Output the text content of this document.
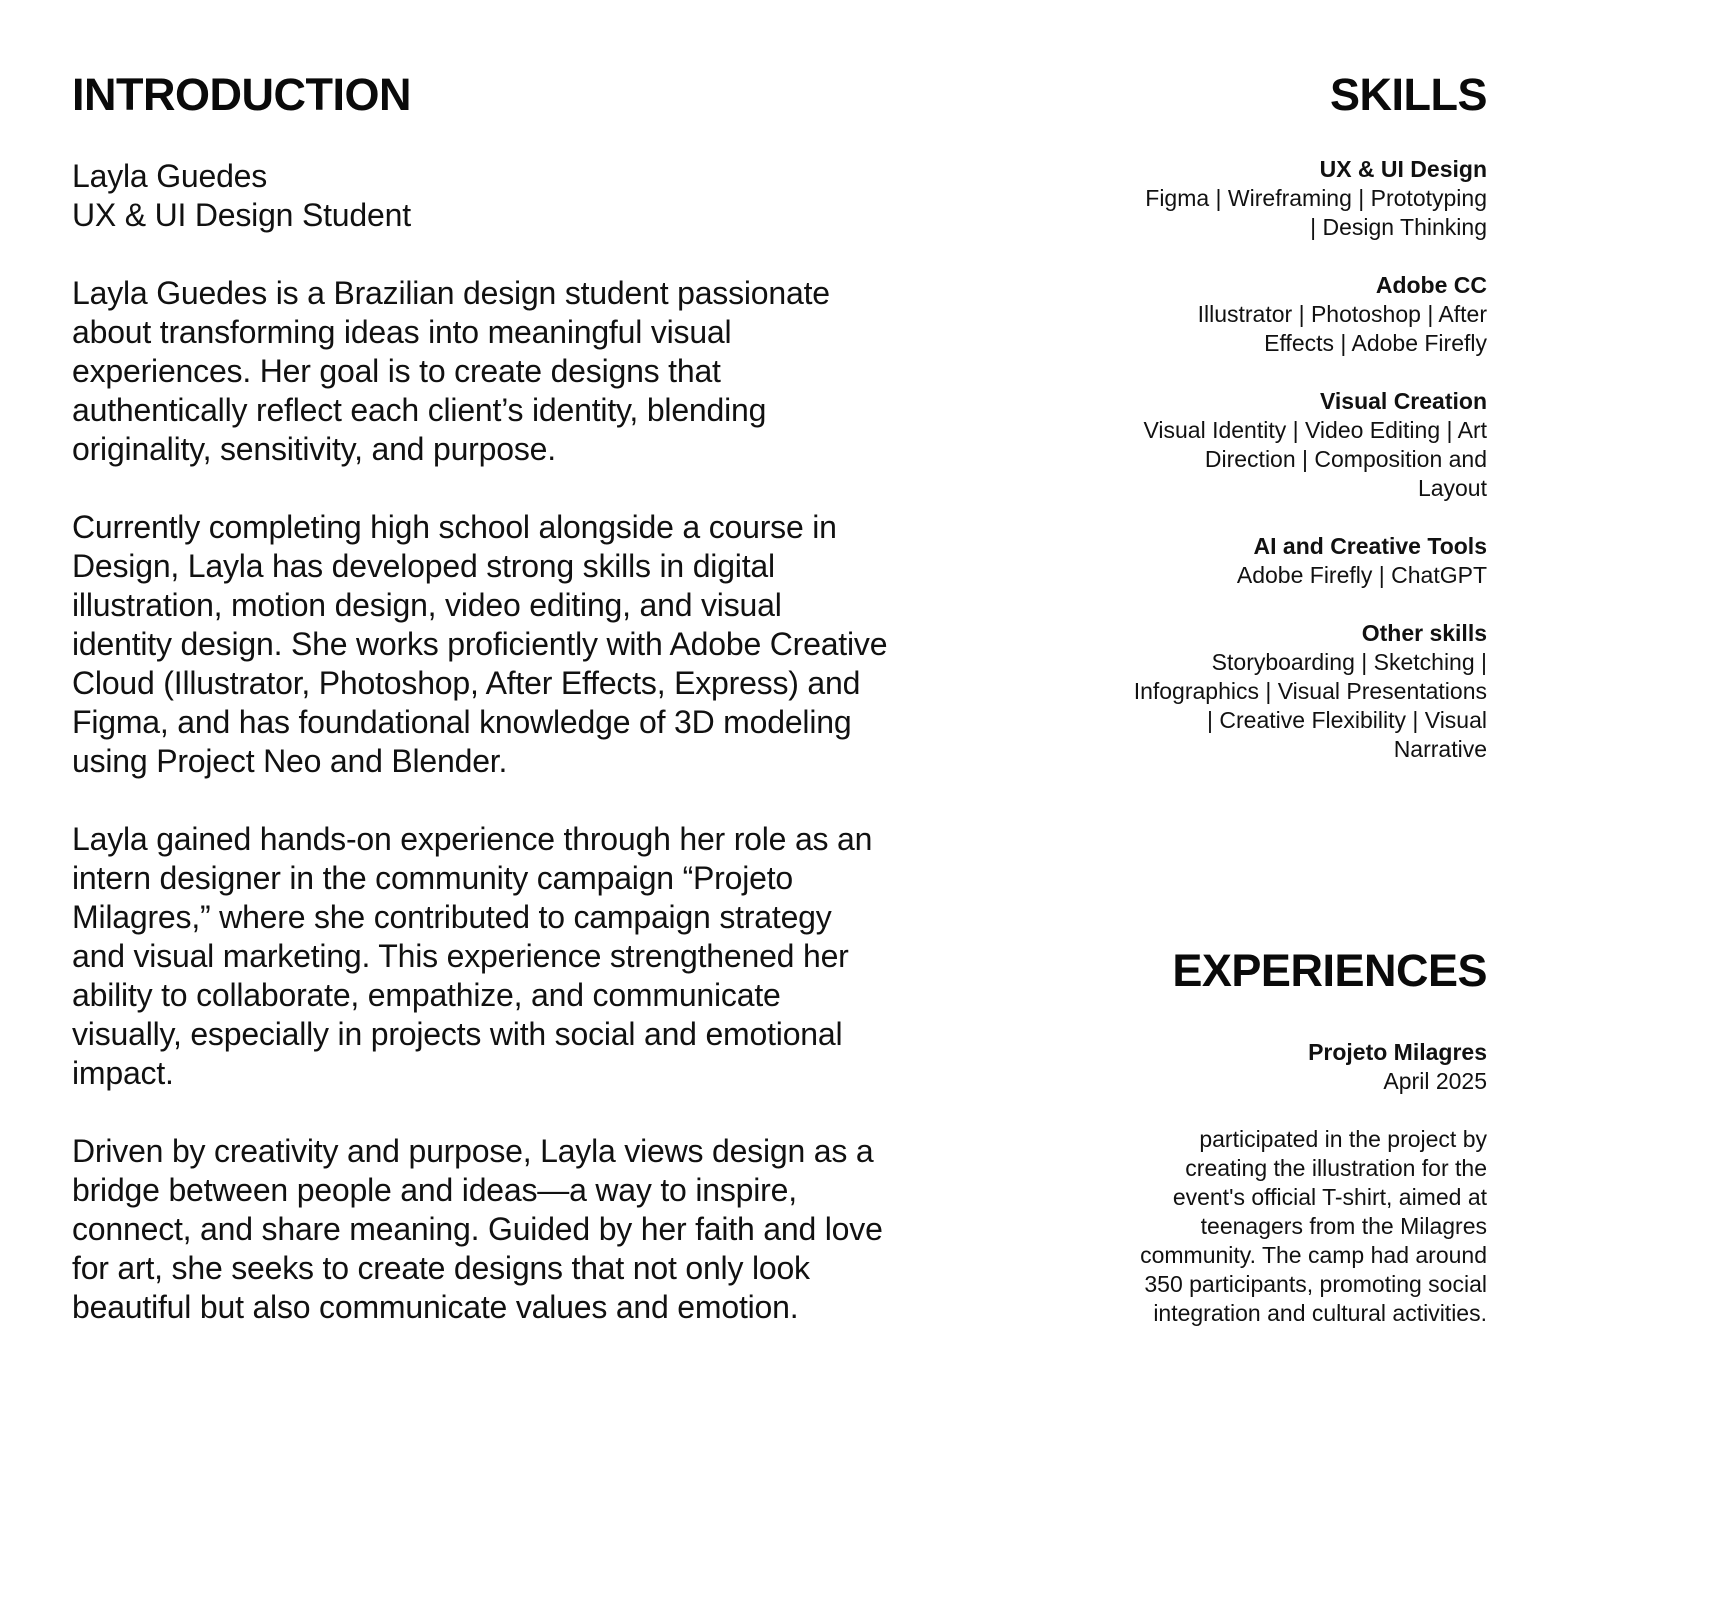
INTRODUCTION
Layla Guedes
UX & UI Design Student
Layla Guedes is a Brazilian design student passionate
about transforming ideas into meaningful visual
experiences. Her goal is to create designs that
authentically reflect each client’s identity, blending
originality, sensitivity, and purpose.
Currently completing high school alongside a course in
Design, Layla has developed strong skills in digital
illustration, motion design, video editing, and visual
identity design. She works proficiently with Adobe Creative
Cloud (Illustrator, Photoshop, After Effects, Express) and
Figma, and has foundational knowledge of 3D modeling
using Project Neo and Blender.
Layla gained hands-on experience through her role as an
intern designer in the community campaign “Projeto
Milagres,” where she contributed to campaign strategy
and visual marketing. This experience strengthened her
ability to collaborate, empathize, and communicate
visually, especially in projects with social and emotional
impact.
Driven by creativity and purpose, Layla views design as a
bridge between people and ideas—a way to inspire,
connect, and share meaning. Guided by her faith and love
for art, she seeks to create designs that not only look
beautiful but also communicate values and emotion.
SKILLS
UX & UI Design
Figma | Wireframing | Prototyping
| Design Thinking
Adobe CC
Illustrator | Photoshop | After
Effects | Adobe Firefly
Visual Creation
Visual Identity | Video Editing | Art
Direction | Composition and
Layout
AI and Creative Tools
Adobe Firefly | ChatGPT
Other skills
Storyboarding | Sketching |
Infographics | Visual Presentations
| Creative Flexibility | Visual
Narrative
EXPERIENCES
Projeto Milagres
April 2025
participated in the project by
creating the illustration for the
event's official T-shirt, aimed at
teenagers from the Milagres
community. The camp had around
350 participants, promoting social
integration and cultural activities.
